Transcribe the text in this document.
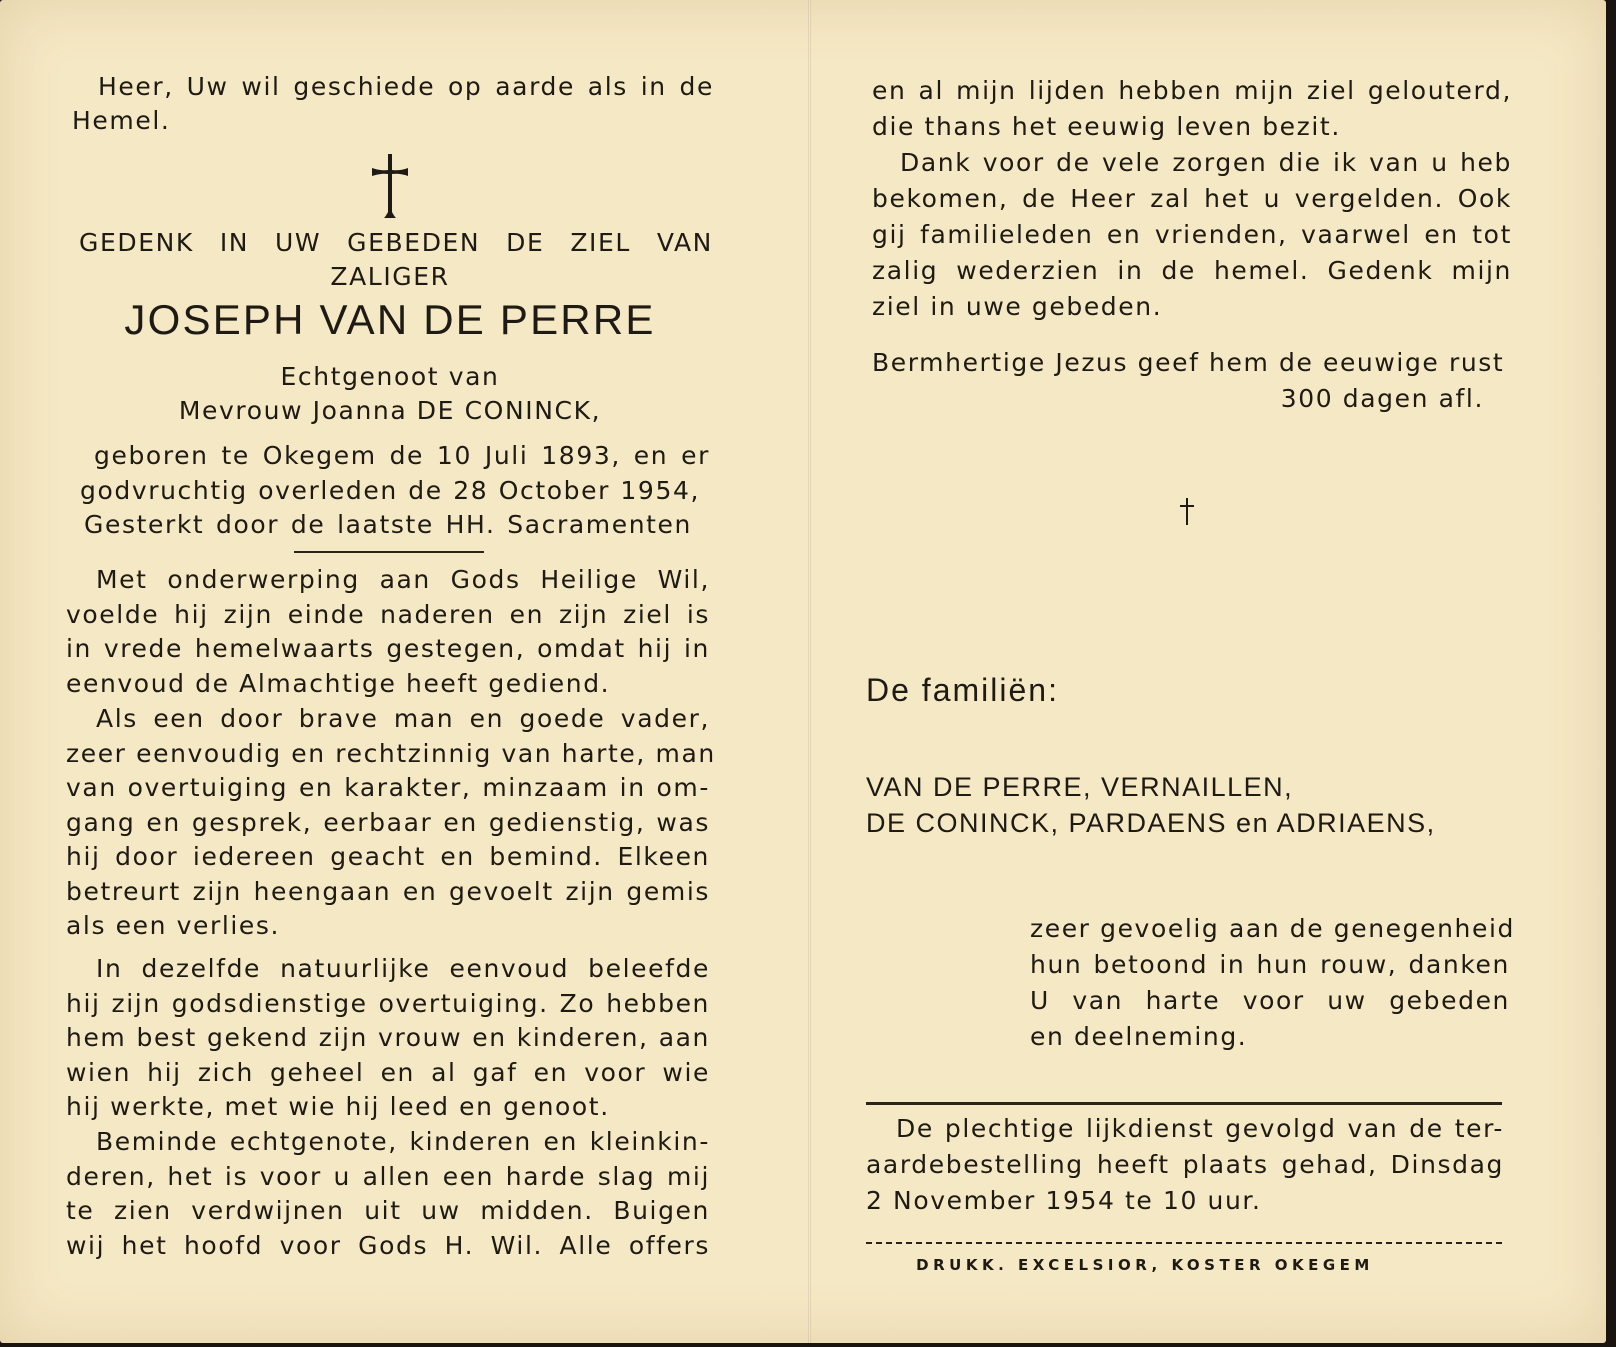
Heer, Uw wil geschiede op aarde als in de
Hemel.
GEDENK IN UW GEBEDEN DE ZIEL VAN
ZALIGER
JOSEPH VAN DE PERRE
Echtgenoot van
Mevrouw Joanna DE CONINCK,
geboren te Okegem de 10 Juli 1893, en er
godvruchtig overleden de 28 October 1954,
Gesterkt door de laatste HH. Sacramenten
Met onderwerping aan Gods Heilige Wil,
voelde hij zijn einde naderen en zijn ziel is
in vrede hemelwaarts gestegen, omdat hij in
eenvoud de Almachtige heeft gediend.
Als een door brave man en goede vader,
zeer eenvoudig en rechtzinnig van harte, man
van overtuiging en karakter, minzaam in om-
gang en gesprek, eerbaar en gedienstig, was
hij door iedereen geacht en bemind. Elkeen
betreurt zijn heengaan en gevoelt zijn gemis
als een verlies.
In dezelfde natuurlijke eenvoud beleefde
hij zijn godsdienstige overtuiging. Zo hebben
hem best gekend zijn vrouw en kinderen, aan
wien hij zich geheel en al gaf en voor wie
hij werkte, met wie hij leed en genoot.
Beminde echtgenote, kinderen en kleinkin-
deren, het is voor u allen een harde slag mij
te zien verdwijnen uit uw midden. Buigen
wij het hoofd voor Gods H. Wil. Alle offers
en al mijn lijden hebben mijn ziel gelouterd,
die thans het eeuwig leven bezit.
Dank voor de vele zorgen die ik van u heb
bekomen, de Heer zal het u vergelden. Ook
gij familieleden en vrienden, vaarwel en tot
zalig wederzien in de hemel. Gedenk mijn
ziel in uwe gebeden.
Bermhertige Jezus geef hem de eeuwige rust
300 dagen afl.
De familiën:
VAN DE PERRE, VERNAILLEN,
DE CONINCK, PARDAENS en ADRIAENS,
zeer gevoelig aan de genegenheid
hun betoond in hun rouw, danken
U van harte voor uw gebeden
en deelneming.
De plechtige lijkdienst gevolgd van de ter-
aardebestelling heeft plaats gehad, Dinsdag
2 November 1954 te 10 uur.
DRUKK. EXCELSIOR, KOSTER OKEGEM
